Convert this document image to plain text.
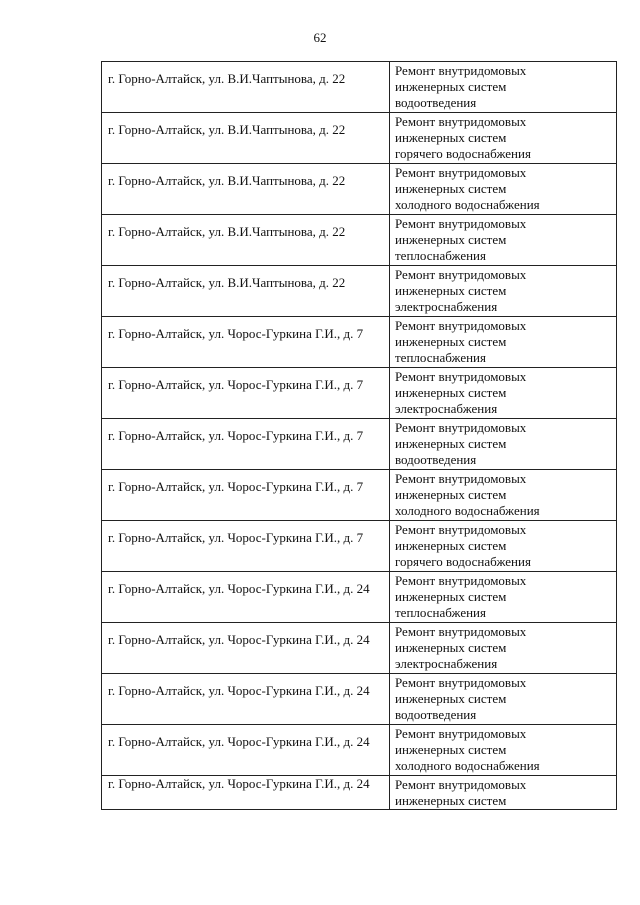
62
г. Горно-Алтайск, ул. В.И.Чаптынова, д. 22	Ремонт внутридомовых
инженерных систем
водоотведения
г. Горно-Алтайск, ул. В.И.Чаптынова, д. 22	Ремонт внутридомовых
инженерных систем
горячего водоснабжения
г. Горно-Алтайск, ул. В.И.Чаптынова, д. 22	Ремонт внутридомовых
инженерных систем
холодного водоснабжения
г. Горно-Алтайск, ул. В.И.Чаптынова, д. 22	Ремонт внутридомовых
инженерных систем
теплоснабжения
г. Горно-Алтайск, ул. В.И.Чаптынова, д. 22	Ремонт внутридомовых
инженерных систем
электроснабжения
г. Горно-Алтайск, ул. Чорос-Гуркина Г.И., д. 7	Ремонт внутридомовых
инженерных систем
теплоснабжения
г. Горно-Алтайск, ул. Чорос-Гуркина Г.И., д. 7	Ремонт внутридомовых
инженерных систем
электроснабжения
г. Горно-Алтайск, ул. Чорос-Гуркина Г.И., д. 7	Ремонт внутридомовых
инженерных систем
водоотведения
г. Горно-Алтайск, ул. Чорос-Гуркина Г.И., д. 7	Ремонт внутридомовых
инженерных систем
холодного водоснабжения
г. Горно-Алтайск, ул. Чорос-Гуркина Г.И., д. 7	Ремонт внутридомовых
инженерных систем
горячего водоснабжения
г. Горно-Алтайск, ул. Чорос-Гуркина Г.И., д. 24	Ремонт внутридомовых
инженерных систем
теплоснабжения
г. Горно-Алтайск, ул. Чорос-Гуркина Г.И., д. 24	Ремонт внутридомовых
инженерных систем
электроснабжения
г. Горно-Алтайск, ул. Чорос-Гуркина Г.И., д. 24	Ремонт внутридомовых
инженерных систем
водоотведения
г. Горно-Алтайск, ул. Чорос-Гуркина Г.И., д. 24	Ремонт внутридомовых
инженерных систем
холодного водоснабжения
г. Горно-Алтайск, ул. Чорос-Гуркина Г.И., д. 24	Ремонт внутридомовых
инженерных систем
